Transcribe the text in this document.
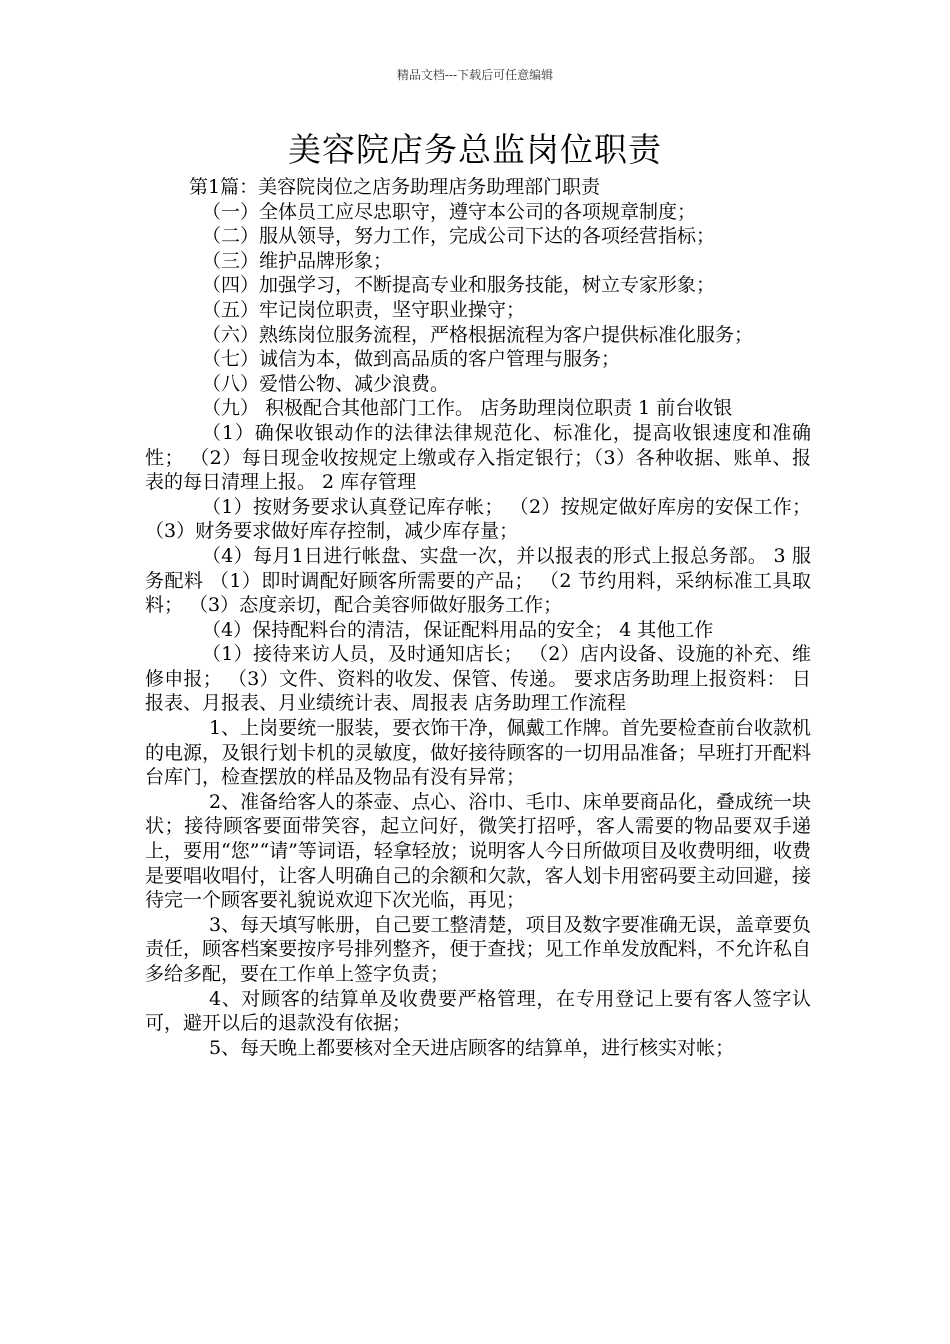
精品文档---下载后可任意编辑
美容院店务总监岗位职责

第1篇：美容院岗位之店务助理店务助理部门职责

（一）全体员工应尽忠职守，遵守本公司的各项规章制度；

（二）服从领导，努力工作，完成公司下达的各项经营指标；

（三）维护品牌形象；

（四）加强学习，不断提高专业和服务技能，树立专家形象；

（五）牢记岗位职责，坚守职业操守；

（六）熟练岗位服务流程，严格根据流程为客户提供标准化服务；

（七）诚信为本，做到高品质的客户管理与服务；

（八）爱惜公物、减少浪费。

（九） 积极配合其他部门工作。 店务助理岗位职责 1 前台收银

（1）确保收银动作的法律法律规范化、标准化，提高收银速度和准确性； （2）每日现金收按规定上缴或存入指定银行；（3）各种收据、账单、报表的每日清理上报。 2 库存管理

（1）按财务要求认真登记库存帐； （2）按规定做好库房的安保工作； （3）财务要求做好库存控制，减少库存量；

（4）每月1日进行帐盘、实盘一次，并以报表的形式上报总务部。 3 服务配料 （1）即时调配好顾客所需要的产品； （2 节约用料，采纳标准工具取料； （3）态度亲切，配合美容师做好服务工作；

（4）保持配料台的清洁，保证配料用品的安全； 4 其他工作

（1）接待来访人员，及时通知店长； （2）店内设备、设施的补充、维修申报； （3）文件、资料的收发、保管、传递。 要求店务助理上报资料： 日报表、月报表、月业绩统计表、周报表 店务助理工作流程

1、上岗要统一服装，要衣饰干净，佩戴工作牌。首先要检查前台收款机的电源，及银行划卡机的灵敏度，做好接待顾客的一切用品准备；早班打开配料台库门，检查摆放的样品及物品有没有异常；

2、准备给客人的茶壶、点心、浴巾、毛巾、床单要商品化，叠成统一块状；接待顾客要面带笑容，起立问好，微笑打招呼，客人需要的物品要双手递上，要用“您”“请”等词语，轻拿轻放；说明客人今日所做项目及收费明细，收费是要唱收唱付，让客人明确自己的余额和欠款，客人划卡用密码要主动回避，接待完一个顾客要礼貌说欢迎下次光临，再见；

3、每天填写帐册，自己要工整清楚，项目及数字要准确无误，盖章要负责任，顾客档案要按序号排列整齐，便于查找；见工作单发放配料，不允许私自多给多配，要在工作单上签字负责；

4、对顾客的结算单及收费要严格管理，在专用登记上要有客人签字认可，避开以后的退款没有依据；

5、每天晚上都要核对全天进店顾客的结算单，进行核实对帐；
